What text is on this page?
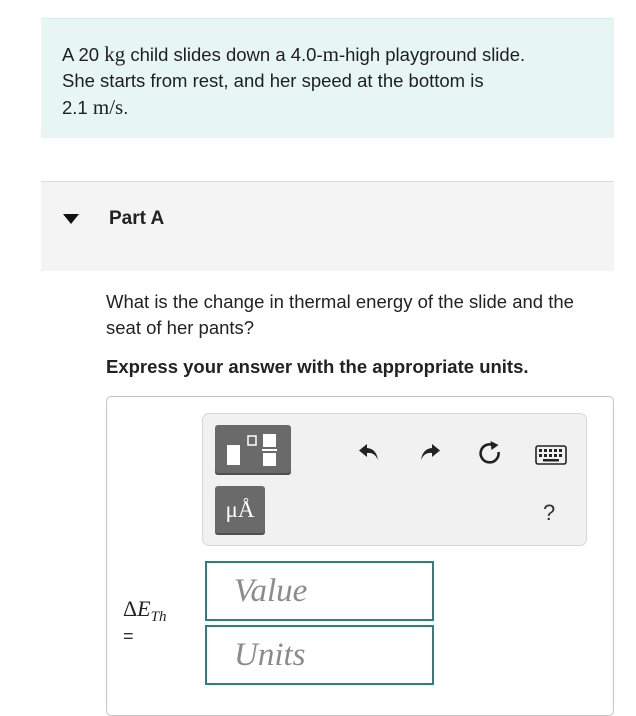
A 20 kg child slides down a 4.0-m-high playground slide.
She starts from rest, and her speed at the bottom is
2.1 m/s.
Part A
What is the change in thermal energy of the slide and the seat of her pants?
Express your answer with the appropriate units.
μÅ	?
$\Delta E_{Th}$
=
Value
Units
